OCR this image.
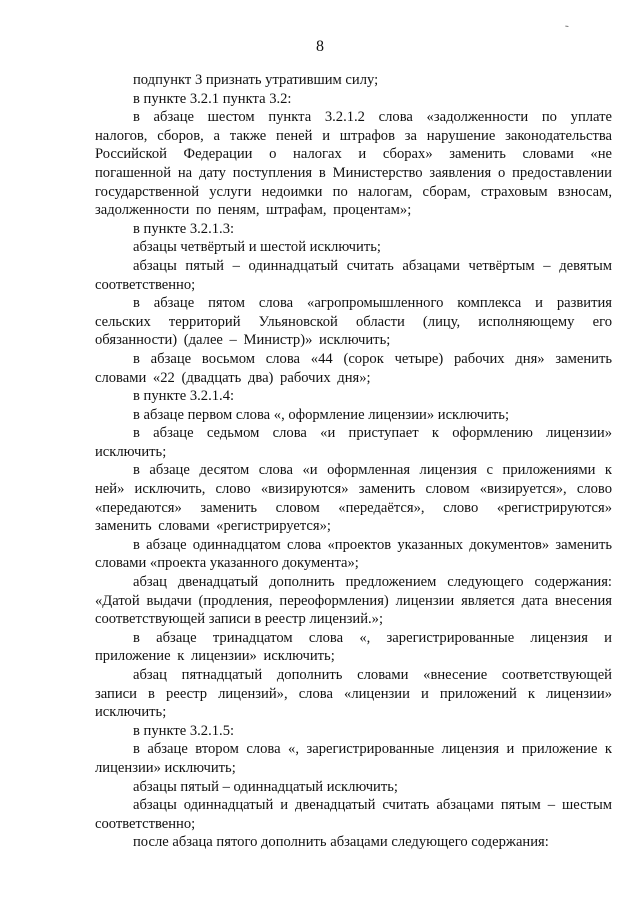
-
8

подпункт 3 признать утратившим силу;

в пункте 3.2.1 пункта 3.2:

в абзаце шестом пункта 3.2.1.2 слова «задолженности по уплате налогов, сборов, а также пеней и штрафов за нарушение законодательства Российской Федерации о налогах и сборах» заменить словами «не погашенной на дату поступления в Министерство заявления о предоставлении государственной услуги недоимки по налогам, сборам, страховым взносам, задолженности по пеням, штрафам, процентам»;

в пункте 3.2.1.3:

абзацы четвёртый и шестой исключить;

абзацы пятый – одиннадцатый считать абзацами четвёртым – девятым соответственно;

в абзаце пятом слова «агропромышленного комплекса и развития сельских территорий Ульяновской области (лицу, исполняющему его обязанности) (далее – Министр)» исключить;

в абзаце восьмом слова «44 (сорок четыре) рабочих дня» заменить словами «22 (двадцать два) рабочих дня»;

в пункте 3.2.1.4:

в абзаце первом слова «, оформление лицензии» исключить;

в абзаце седьмом слова «и приступает к оформлению лицензии» исключить;

в абзаце десятом слова «и оформленная лицензия с приложениями к ней» исключить, слово «визируются» заменить словом «визируется», слово «передаются» заменить словом «передаётся», слово «регистрируются» заменить словами «регистрируется»;

в абзаце одиннадцатом слова «проектов указанных документов» заменить словами «проекта указанного документа»;

абзац двенадцатый дополнить предложением следующего содержания: «Датой выдачи (продления, переоформления) лицензии является дата внесения соответствующей записи в реестр лицензий.»;

в абзаце тринадцатом слова «, зарегистрированные лицензия и приложение к лицензии» исключить;

абзац пятнадцатый дополнить словами «внесение соответствующей записи в реестр лицензий», слова «лицензии и приложений к лицензии» исключить;

в пункте 3.2.1.5:

в абзаце втором слова «, зарегистрированные лицензия и приложение к лицензии» исключить;

абзацы пятый – одиннадцатый исключить;

абзацы одиннадцатый и двенадцатый считать абзацами пятым – шестым соответственно;

после абзаца пятого дополнить абзацами следующего содержания:
